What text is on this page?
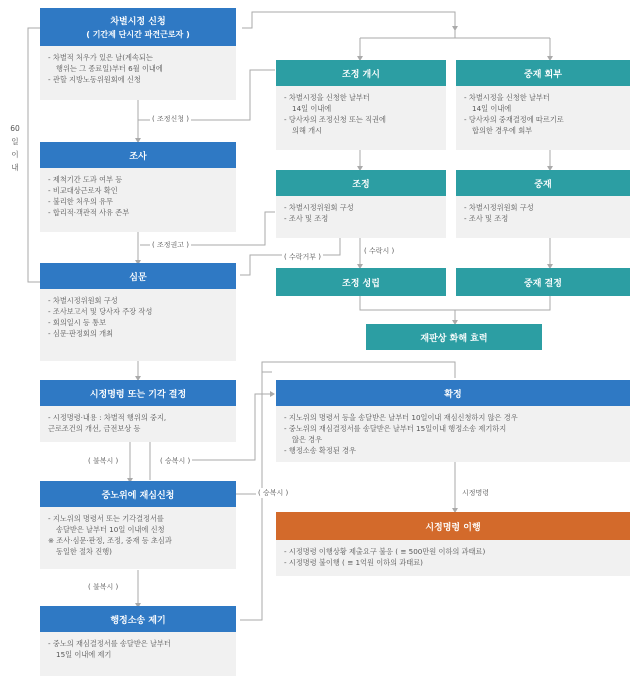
60
일
이
내
차별시정 신청
( 기간제 단시간 파견근로자 )
- 차별적 처우가 있은 날(계속되는
행위는 그 종료일)부터 6월 이내에
- 관할 지방노동위원회에 신청
( 조정신청 )
조사
- 제척기간 도과 여부 등
- 비교대상근로자 확인
- 불리한 처우의 유무
- 합리적·객관적 사유 존부
( 조정권고 )
심문
- 차별시정위원회 구성
- 조사보고서 및 당사자 주장 작성
- 회의일시 등 통보
- 심문·판정회의 개최
시정명령 또는 기각 결정
- 시정명령·내용 : 차별적 행위의 중지,
근로조건의 개선, 금전보상 등
( 불복시 )	( 승복시 )
중노위에 재심신청
- 지노위의 명령서 또는 기각결정서를
송달받은 날부터 10일 이내에 신청
※ 조사·심문·판정, 조정, 중재 등 초심과
동일한 절차 진행)
( 불복시 )
행정소송 제기
- 중노의 재심결정서를 송달받은 날부터
15일 이내에 제기
조정 개시
- 차별시정을 신청한 날부터
14일 이내에
- 당사자의 조정신청 또는 직권에
의해 개시
중재 회부
- 차별시정을 신청한 날부터
14일 이내에
- 당사자의 중재결정에 따르기로
합의한 경우에 회부
조정
- 차별시정위원회 구성
- 조사 및 조정
중재
- 차별시정위원회 구성
- 조사 및 조정
( 수락거부 )
( 수락시 )
조정 성립	중재 결정
재판상 화해 효력
확정
- 지노위의 명령서 등을 송달받은 날부터 10일이내 재심신청하지 않은 경우
- 중노위의 재심결정서를 송달받은 날부터 15일이내 행정소송 제기하지
않은 경우
- 행정소송 확정된 경우
( 승복시 )	시정명령
시정명령 이행
- 시정명령 이행상황 제출요구 불응 ( ≡ 500만원 이하의 과태료)
- 시정명령 불이행 ( ≡ 1억원 이하의 과태료)
